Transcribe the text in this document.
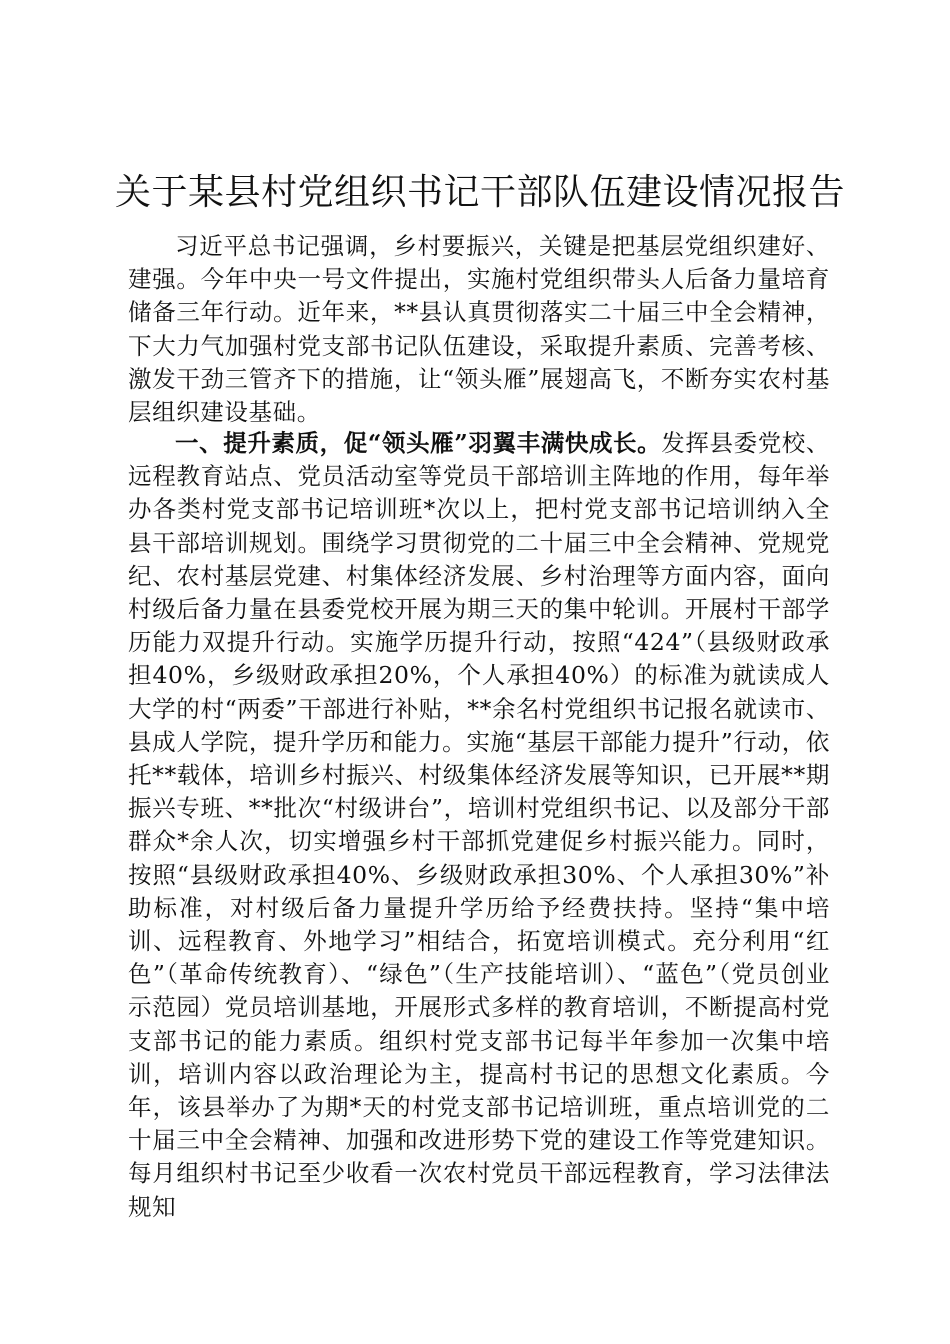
关于某县村党组织书记干部队伍建设情况报告

习近平总书记强调，乡村要振兴，关键是把基层党组织建好、建强。今年中央一号文件提出，实施村党组织带头人后备力量培育储备三年行动。近年来，**县认真贯彻落实二十届三中全会精神，下大力气加强村党支部书记队伍建设，采取提升素质、完善考核、激发干劲三管齐下的措施，让“领头雁”展翅高飞，不断夯实农村基层组织建设基础。

一、提升素质，促“领头雁”羽翼丰满快成长。发挥县委党校、远程教育站点、党员活动室等党员干部培训主阵地的作用，每年举办各类村党支部书记培训班*次以上，把村党支部书记培训纳入全县干部培训规划。围绕学习贯彻党的二十届三中全会精神、党规党纪、农村基层党建、村集体经济发展、乡村治理等方面内容，面向村级后备力量在县委党校开展为期三天的集中轮训。开展村干部学历能力双提升行动。实施学历提升行动，按照“424”（县级财政承担40%，乡级财政承担20%，个人承担40%）的标准为就读成人大学的村“两委”干部进行补贴，**余名村党组织书记报名就读市、县成人学院，提升学历和能力。实施“基层干部能力提升”行动，依托**载体，培训乡村振兴、村级集体经济发展等知识，已开展**期振兴专班、**批次“村级讲台”，培训村党组织书记、以及部分干部群众*余人次，切实增强乡村干部抓党建促乡村振兴能力。同时，按照“县级财政承担40%、乡级财政承担30%、个人承担30%”补助标准，对村级后备力量提升学历给予经费扶持。坚持“集中培训、远程教育、外地学习”相结合，拓宽培训模式。充分利用“红色”（革命传统教育）、“绿色”（生产技能培训）、“蓝色”（党员创业示范园）党员培训基地，开展形式多样的教育培训，不断提高村党支部书记的能力素质。组织村党支部书记每半年参加一次集中培训，培训内容以政治理论为主，提高村书记的思想文化素质。今年，该县举办了为期*天的村党支部书记培训班，重点培训党的二十届三中全会精神、加强和改进形势下党的建设工作等党建知识。每月组织村书记至少收看一次农村党员干部远程教育，学习法律法规知
